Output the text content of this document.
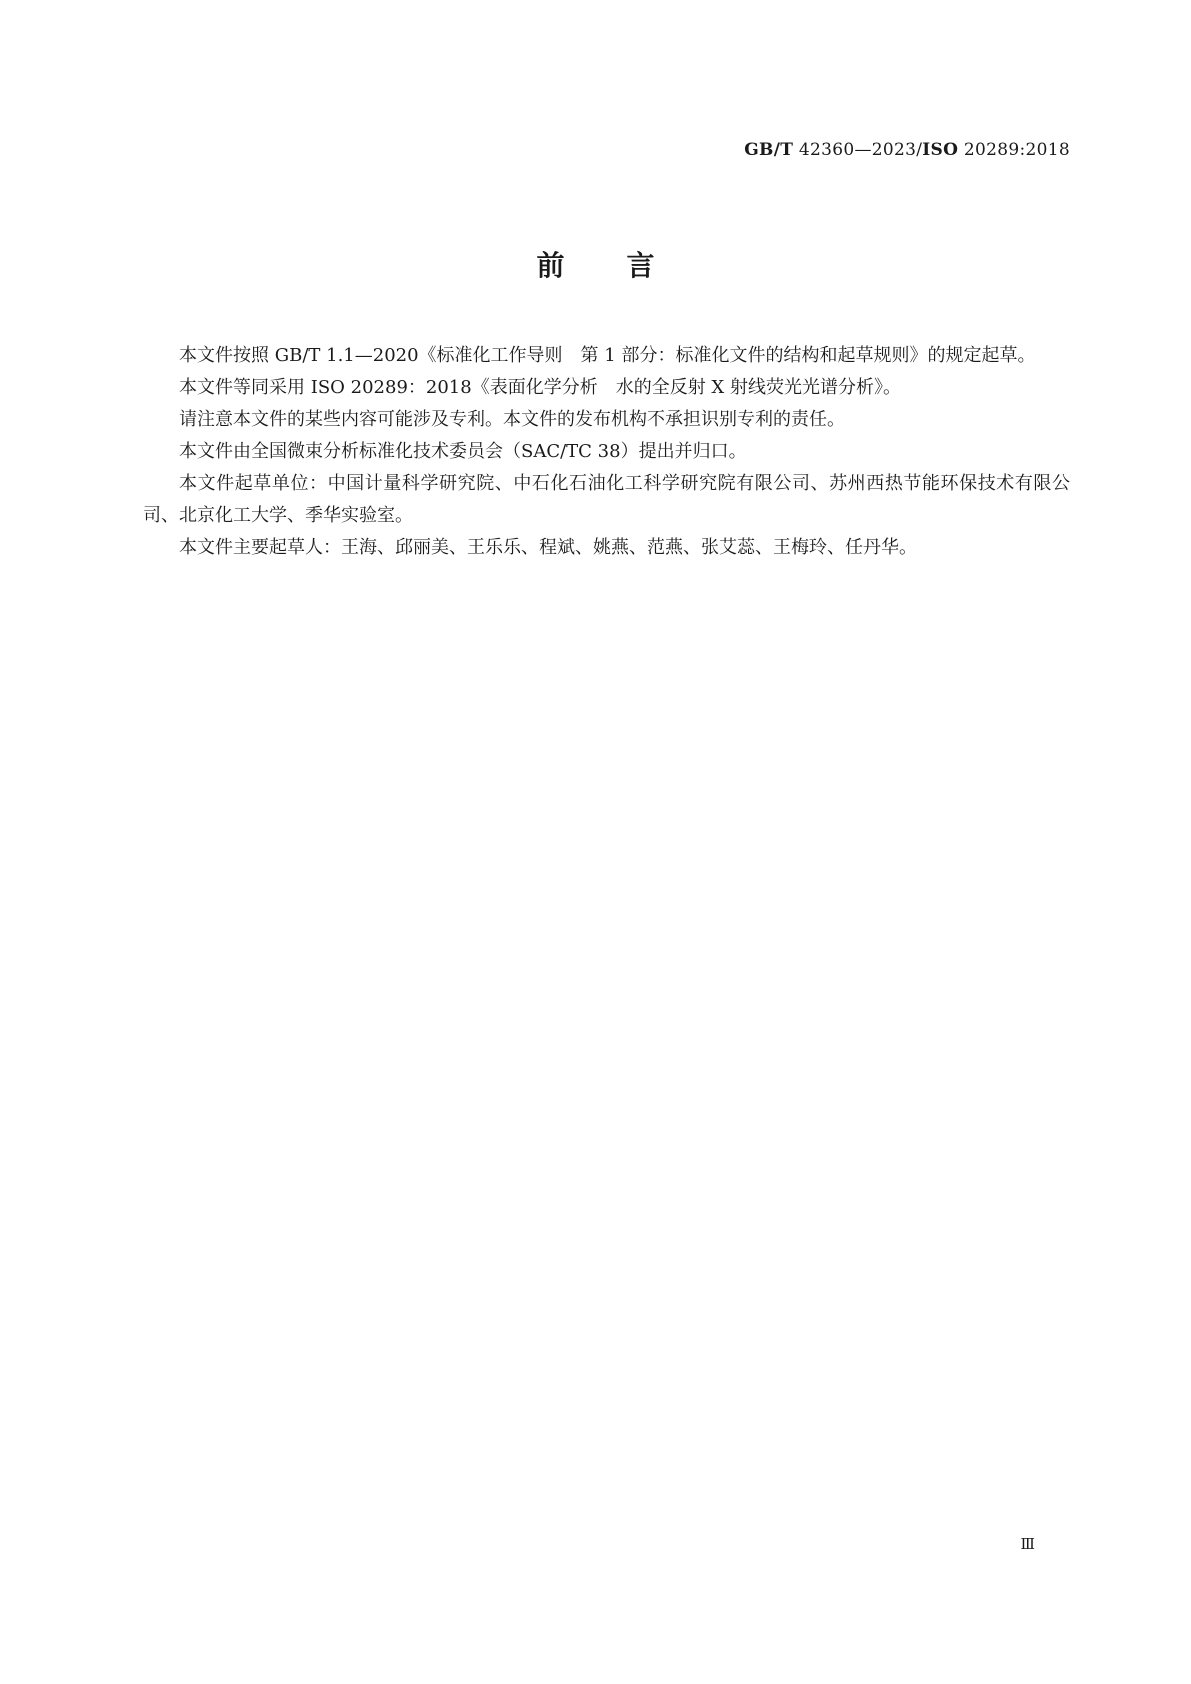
GB/T 42360—2023/ISO 20289:2018
前言

本文件按照 GB/T 1.1—2020《标准化工作导则　第 1 部分：标准化文件的结构和起草规则》的规定起草。

本文件等同采用 ISO 20289：2018《表面化学分析　水的全反射 X 射线荧光光谱分析》。

请注意本文件的某些内容可能涉及专利。本文件的发布机构不承担识别专利的责任。

本文件由全国微束分析标准化技术委员会（SAC/TC 38）提出并归口。

本文件起草单位：中国计量科学研究院、中石化石油化工科学研究院有限公司、苏州西热节能环保技术有限公司、北京化工大学、季华实验室。

本文件主要起草人：王海、邱丽美、王乐乐、程斌、姚燕、范燕、张艾蕊、王梅玲、任丹华。

Ⅲ
